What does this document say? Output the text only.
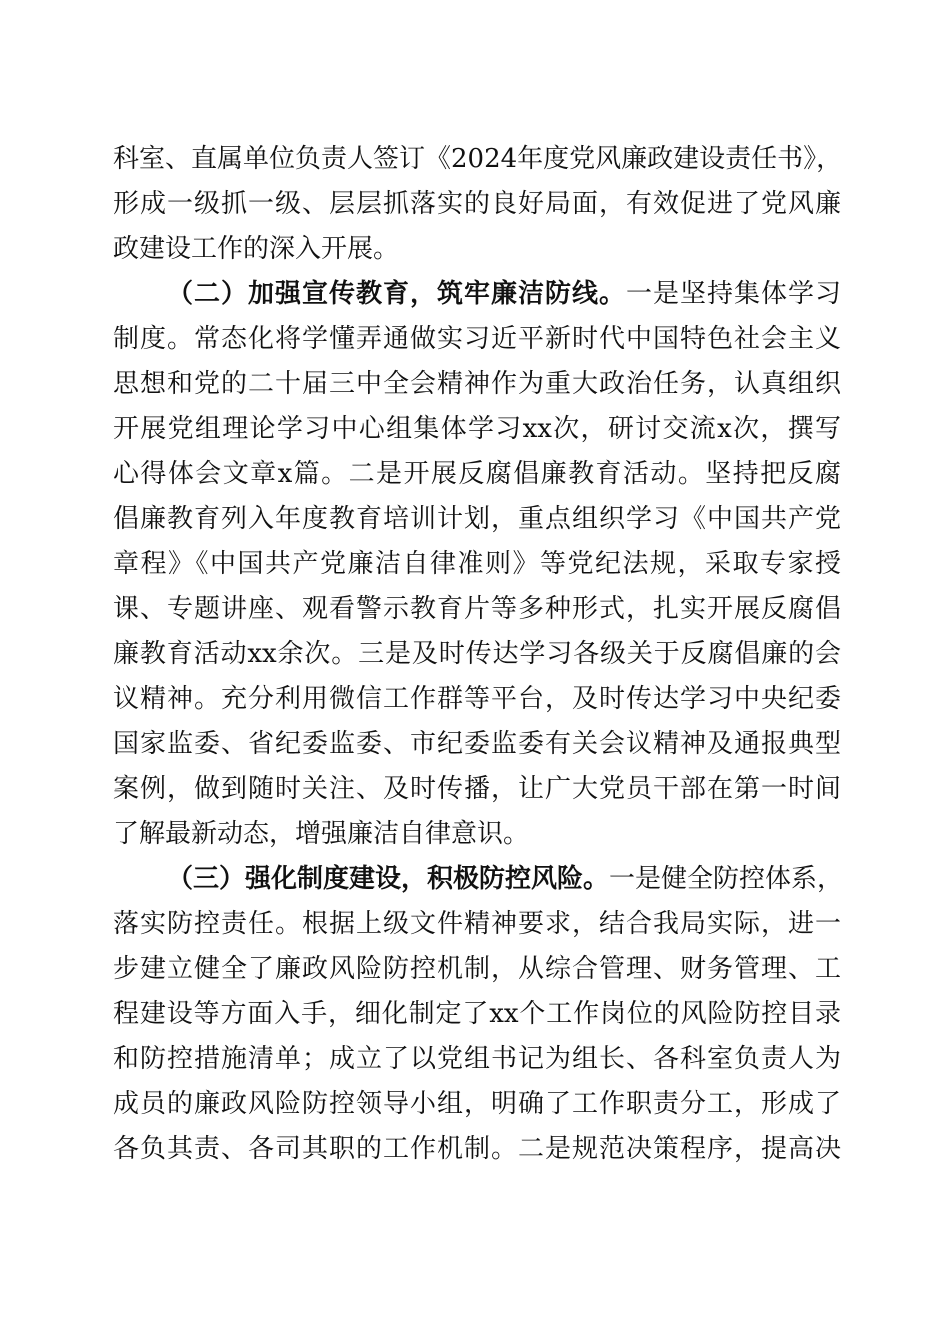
科室、直属单位负责人签订《2024年度党风廉政建设责任书》，
形成一级抓一级、层层抓落实的良好局面，有效促进了党风廉
政建设工作的深入开展。
（二）加强宣传教育，筑牢廉洁防线。一是坚持集体学习
制度。常态化将学懂弄通做实习近平新时代中国特色社会主义
思想和党的二十届三中全会精神作为重大政治任务，认真组织
开展党组理论学习中心组集体学习xx次，研讨交流x次，撰写
心得体会文章x篇。二是开展反腐倡廉教育活动。坚持把反腐
倡廉教育列入年度教育培训计划，重点组织学习《中国共产党
章程》《中国共产党廉洁自律准则》等党纪法规，采取专家授
课、专题讲座、观看警示教育片等多种形式，扎实开展反腐倡
廉教育活动xx余次。三是及时传达学习各级关于反腐倡廉的会
议精神。充分利用微信工作群等平台，及时传达学习中央纪委
国家监委、省纪委监委、市纪委监委有关会议精神及通报典型
案例，做到随时关注、及时传播，让广大党员干部在第一时间
了解最新动态，增强廉洁自律意识。
（三）强化制度建设，积极防控风险。一是健全防控体系，
落实防控责任。根据上级文件精神要求，结合我局实际，进一
步建立健全了廉政风险防控机制，从综合管理、财务管理、工
程建设等方面入手，细化制定了xx个工作岗位的风险防控目录
和防控措施清单；成立了以党组书记为组长、各科室负责人为
成员的廉政风险防控领导小组，明确了工作职责分工，形成了
各负其责、各司其职的工作机制。二是规范决策程序，提高决
